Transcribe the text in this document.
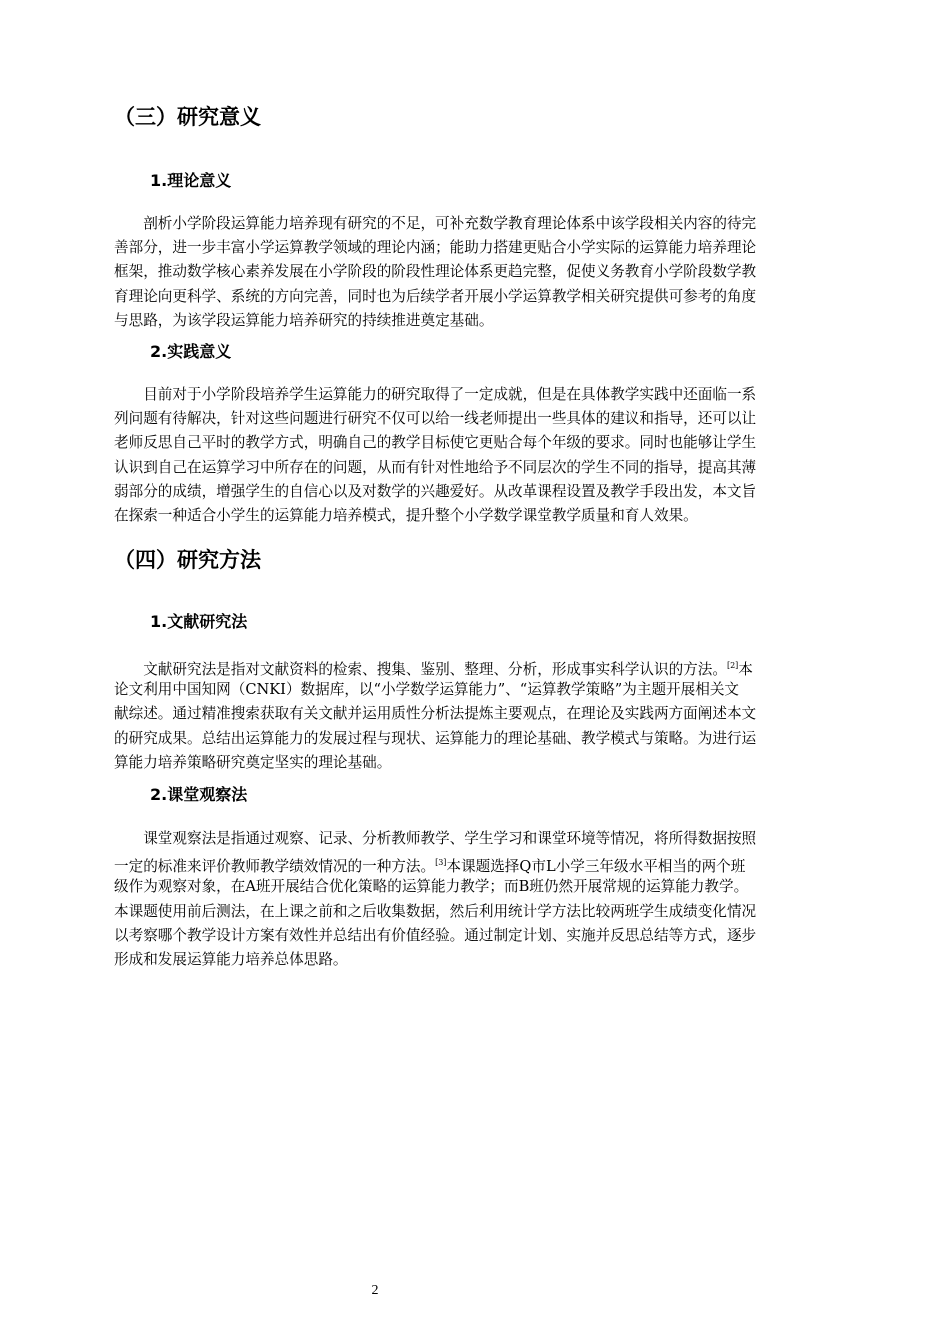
（三）研究意义
1.理论意义
　　剖析小学阶段运算能力培养现有研究的不足，可补充数学教育理论体系中该学段相关内容的待完
善部分，进一步丰富小学运算教学领域的理论内涵；能助力搭建更贴合小学实际的运算能力培养理论
框架，推动数学核心素养发展在小学阶段的阶段性理论体系更趋完整，促使义务教育小学阶段数学教
育理论向更科学、系统的方向完善，同时也为后续学者开展小学运算教学相关研究提供可参考的角度
与思路，为该学段运算能力培养研究的持续推进奠定基础。
2.实践意义
　　目前对于小学阶段培养学生运算能力的研究取得了一定成就，但是在具体教学实践中还面临一系
列问题有待解决，针对这些问题进行研究不仅可以给一线老师提出一些具体的建议和指导，还可以让
老师反思自己平时的教学方式，明确自己的教学目标使它更贴合每个年级的要求。同时也能够让学生
认识到自己在运算学习中所存在的问题，从而有针对性地给予不同层次的学生不同的指导，提高其薄
弱部分的成绩，增强学生的自信心以及对数学的兴趣爱好。从改革课程设置及教学手段出发，本文旨
在探索一种适合小学生的运算能力培养模式，提升整个小学数学课堂教学质量和育人效果。
（四）研究方法
1.文献研究法
　　文献研究法是指对文献资料的检索、搜集、鉴别、整理、分析，形成事实科学认识的方法。[2]本
论文利用中国知网（CNKI）数据库，以“小学数学运算能力”、“运算教学策略”为主题开展相关文
献综述。通过精准搜索获取有关文献并运用质性分析法提炼主要观点，在理论及实践两方面阐述本文
的研究成果。总结出运算能力的发展过程与现状、运算能力的理论基础、教学模式与策略。为进行运
算能力培养策略研究奠定坚实的理论基础。
2.课堂观察法
　　课堂观察法是指通过观察、记录、分析教师教学、学生学习和课堂环境等情况，将所得数据按照
一定的标准来评价教师教学绩效情况的一种方法。[3]本课题选择Q市L小学三年级水平相当的两个班
级作为观察对象，在A班开展结合优化策略的运算能力教学；而B班仍然开展常规的运算能力教学。
本课题使用前后测法，在上课之前和之后收集数据，然后利用统计学方法比较两班学生成绩变化情况
以考察哪个教学设计方案有效性并总结出有价值经验。通过制定计划、实施并反思总结等方式，逐步
形成和发展运算能力培养总体思路。
2
